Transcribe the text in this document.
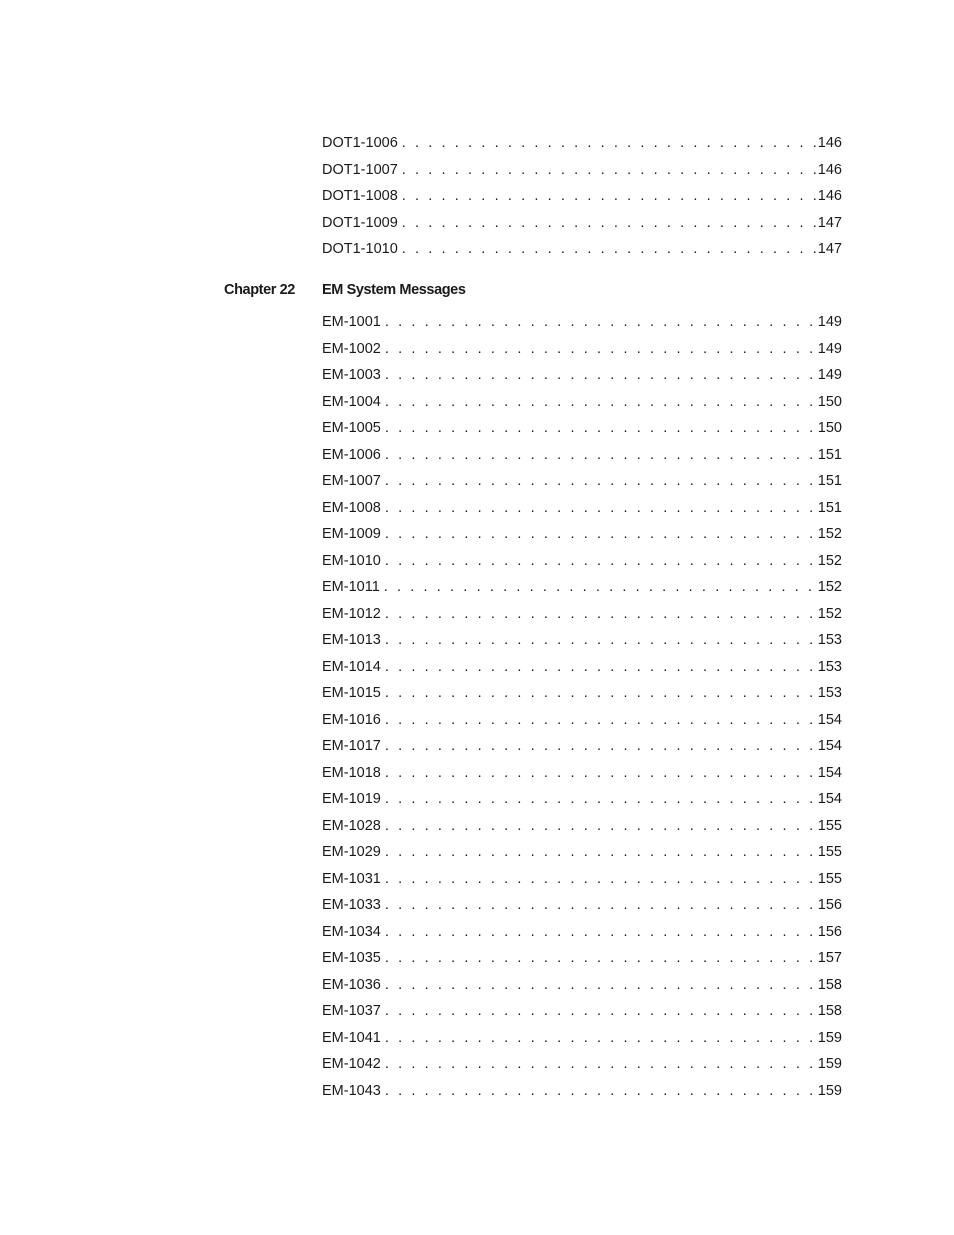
DOT1-1006 . . .	146
DOT1-1007 . . .	146
DOT1-1008 . . .	146
DOT1-1009 . . .	147
DOT1-1010 . . .	147
Chapter 22 EM System Messages
EM-1001 . . .	149
EM-1002 . . .	149
EM-1003 . . .	149
EM-1004 . . .	150
EM-1005 . . .	150
EM-1006 . . .	151
EM-1007 . . .	151
EM-1008 . . .	151
EM-1009 . . .	152
EM-1010 . . .	152
EM-1011 . . .	152
EM-1012 . . .	152
EM-1013 . . .	153
EM-1014 . . .	153
EM-1015 . . .	153
EM-1016 . . .	154
EM-1017 . . .	154
EM-1018 . . .	154
EM-1019 . . .	154
EM-1028 . . .	155
EM-1029 . . .	155
EM-1031 . . .	155
EM-1033 . . .	156
EM-1034 . . .	156
EM-1035 . . .	157
EM-1036 . . .	158
EM-1037 . . .	158
EM-1041 . . .	159
EM-1042 . . .	159
EM-1043 . . .	159
